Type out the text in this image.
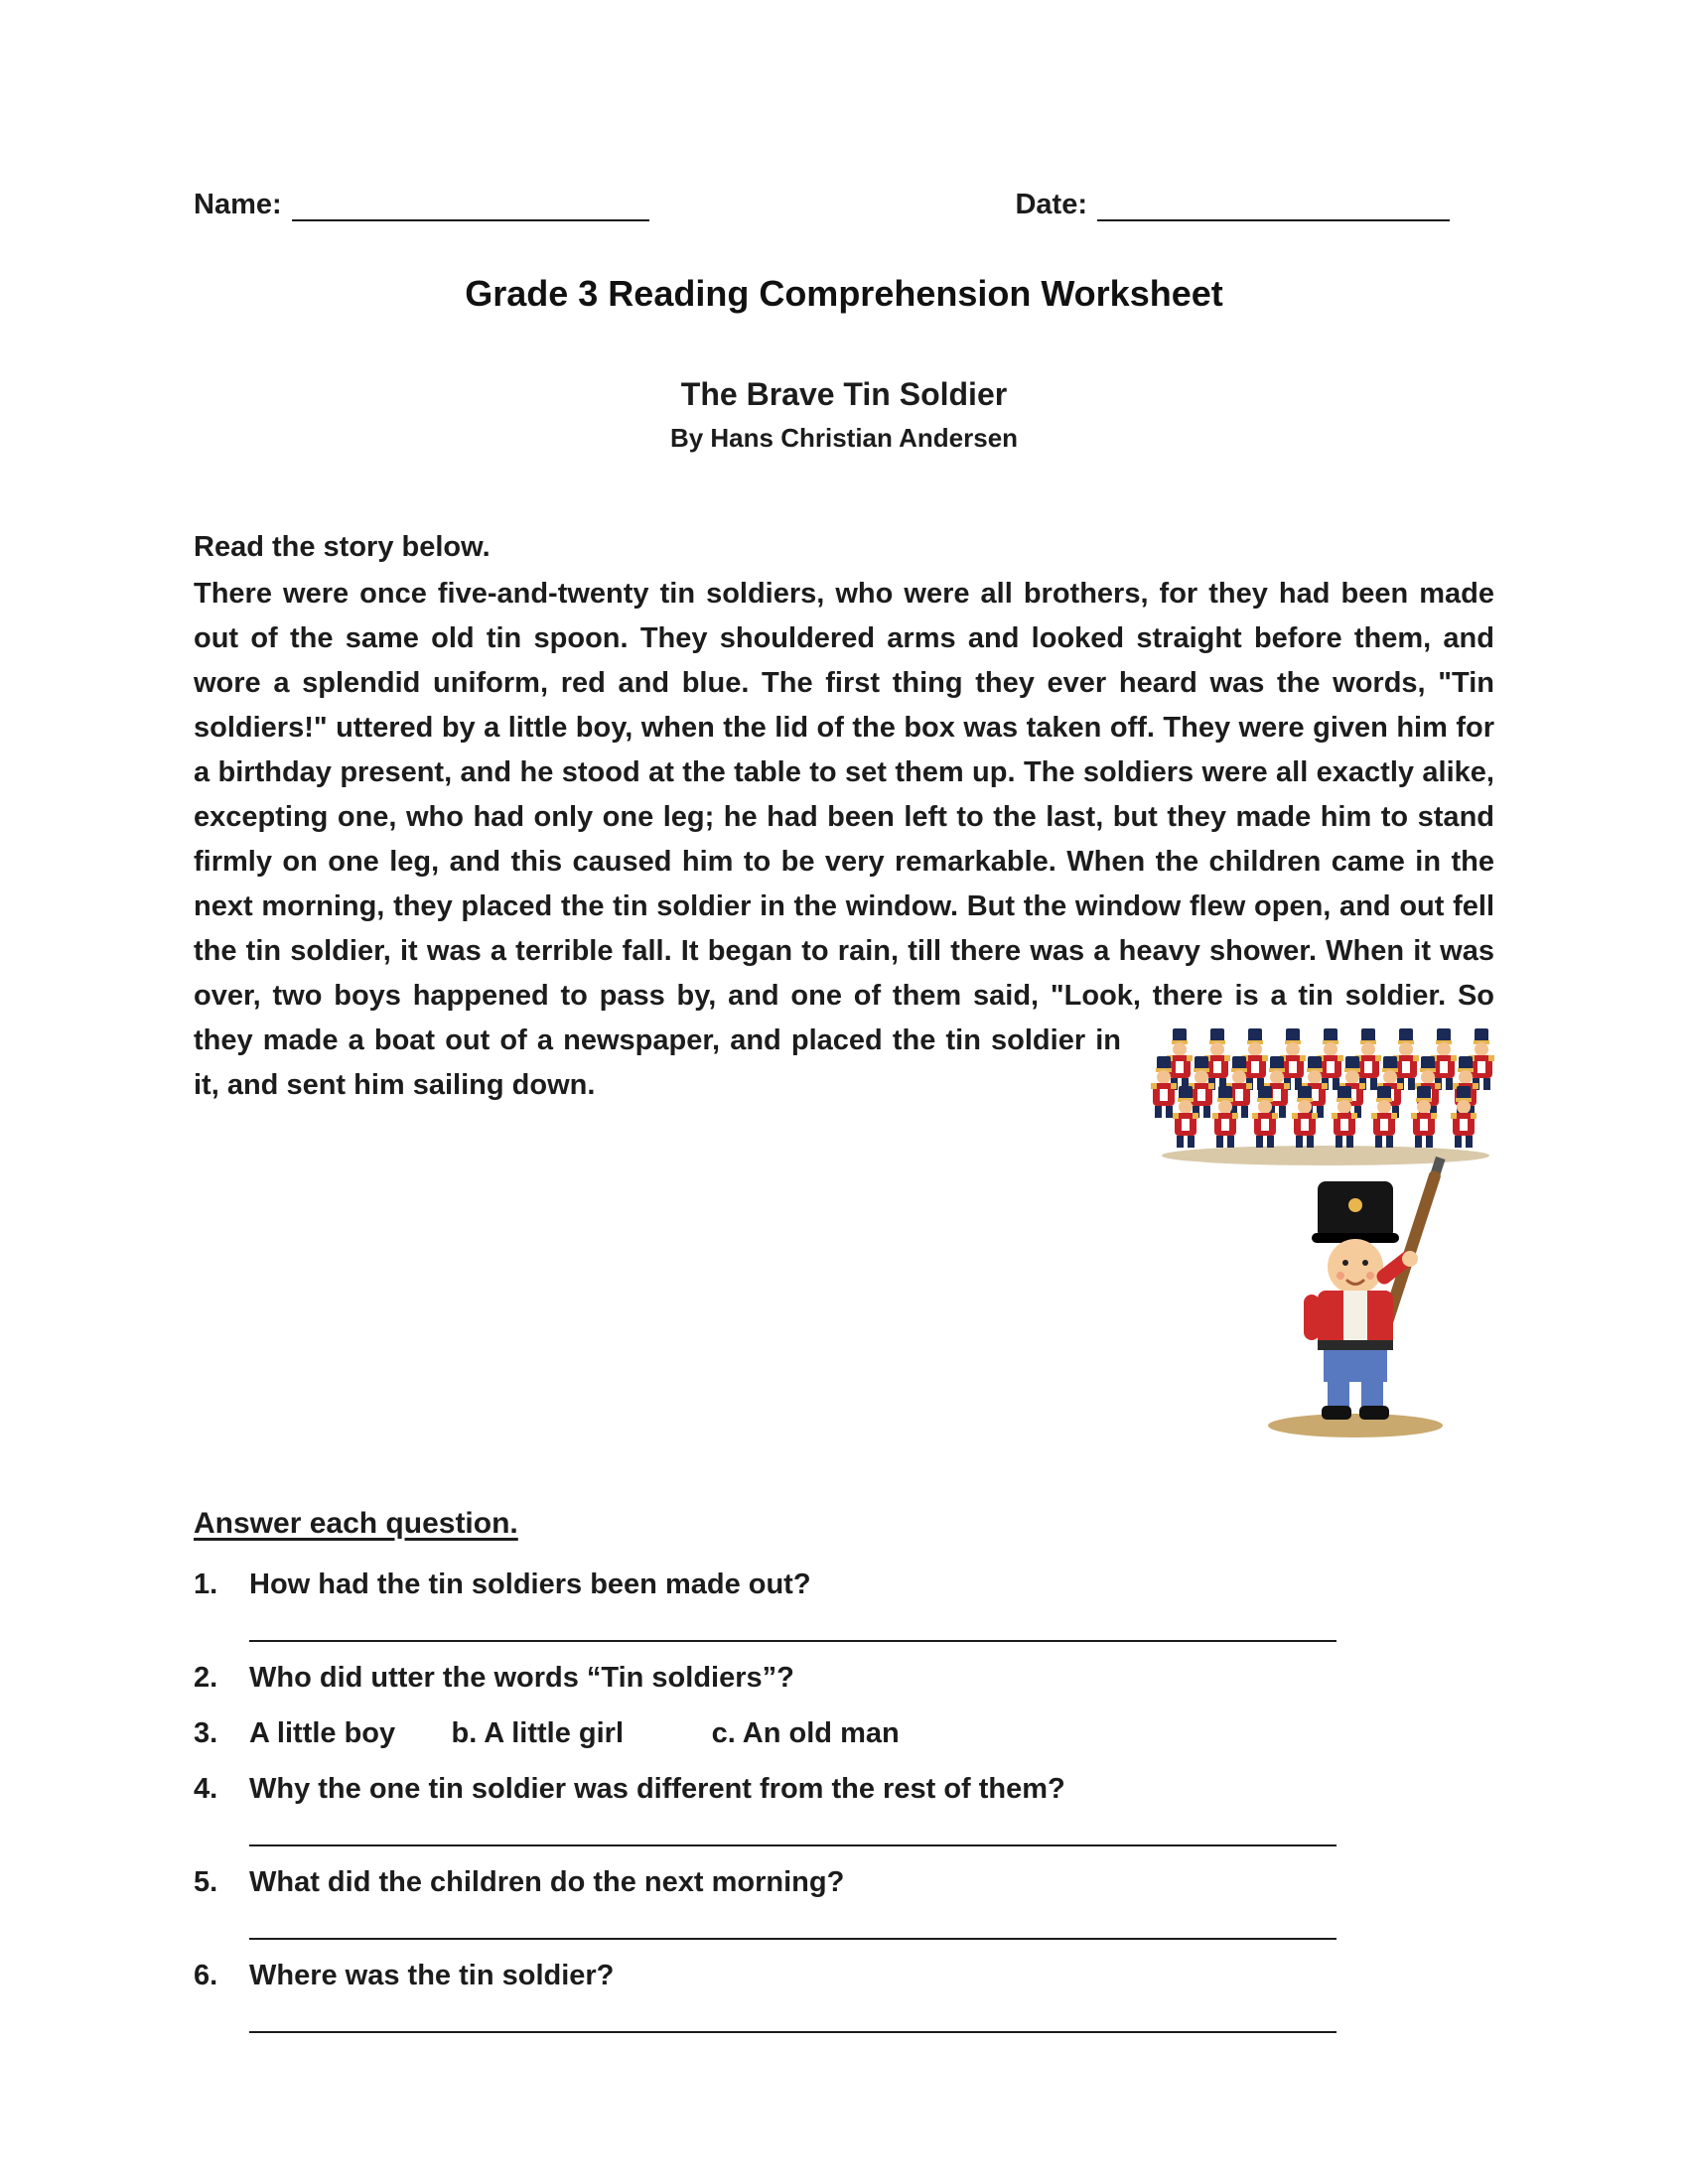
Name:	Date:
Grade 3 Reading Comprehension Worksheet
The Brave Tin Soldier
By Hans Christian Andersen
Read the story below.

There were once five-and-twenty tin soldiers, who were all brothers, for they had been made out of the same old tin spoon. They shouldered arms and looked straight before them, and wore a splendid uniform, red and blue. The first thing they ever heard was the words, "Tin soldiers!" uttered by a little boy, when the lid of the box was taken off. They were given him for a birthday present, and he stood at the table to set them up. The soldiers were all exactly alike, excepting one, who had only one leg; he had been left to the last, but they made him to stand firmly on one leg, and this caused him to be very remarkable. When the children came in the next morning, they placed the tin soldier in the window. But the window flew open, and out fell the tin soldier, it was a terrible fall. It began to rain, till there was a heavy shower. When it was over, two boys happened to pass by, and one of them said, "Look, there is a tin soldier. So they made a boat out of a newspaper, and placed the tin soldier in it, and sent him sailing down.

Answer each question.
1.	How had the tin soldiers been made out?
2.	Who did utter the words “Tin soldiers”?
3.	A little boy       b. A little girl           c. An old man
4.	Why the one tin soldier was different from the rest of them?
5.	What did the children do the next morning?
6.	Where was the tin soldier?
